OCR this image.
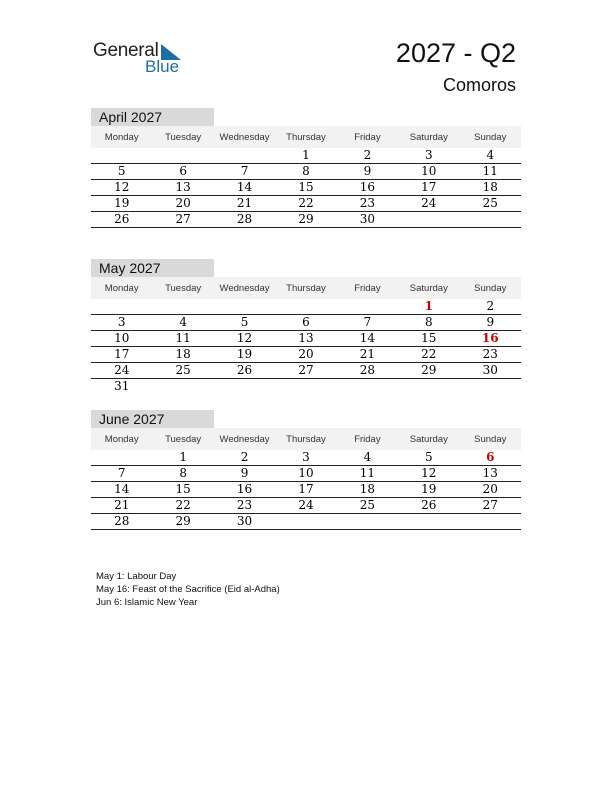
General
Blue	2027 - Q2
Comoros
April 2027
Monday	Tuesday	Wednesday	Thursday	Friday	Saturday	Sunday
			1	2	3	4
5	6	7	8	9	10	11
12	13	14	15	16	17	18
19	20	21	22	23	24	25
26	27	28	29	30		
May 2027
Monday	Tuesday	Wednesday	Thursday	Friday	Saturday	Sunday
					1	2
3	4	5	6	7	8	9
10	11	12	13	14	15	16
17	18	19	20	21	22	23
24	25	26	27	28	29	30
31						
June 2027
Monday	Tuesday	Wednesday	Thursday	Friday	Saturday	Sunday
	1	2	3	4	5	6
7	8	9	10	11	12	13
14	15	16	17	18	19	20
21	22	23	24	25	26	27
28	29	30				
May 1: Labour Day
May 16: Feast of the Sacrifice (Eid al-Adha)
Jun 6: Islamic New Year
